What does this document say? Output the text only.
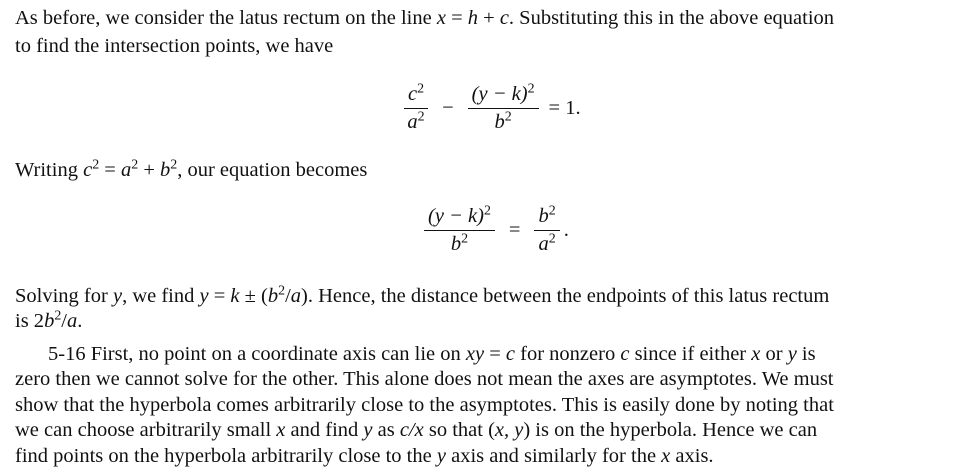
As before, we consider the latus rectum on the line x = h + c. Substituting this in the above equation
to find the intersection points, we have
$\frac{c^2}{a^2} - \frac{(y - k)^2}{b^2} = 1$.
Writing $c^2 = a^2 + b^2$, our equation becomes
$\frac{(y - k)^2}{b^2} = \frac{b^2}{a^2}$ .
Solving for y, we find $y = k \pm (b^2/a)$. Hence, the distance between the endpoints of this latus rectum
is $2b^2/a$.
5-16 First, no point on a coordinate axis can lie on xy = c for nonzero c since if either x or y is
zero then we cannot solve for the other. This alone does not mean the axes are asymptotes. We must
show that the hyperbola comes arbitrarily close to the asymptotes. This is easily done by noting that
we can choose arbitrarily small x and find y as c/x so that (x, y) is on the hyperbola. Hence we can
find points on the hyperbola arbitrarily close to the y axis and similarly for the x axis.
